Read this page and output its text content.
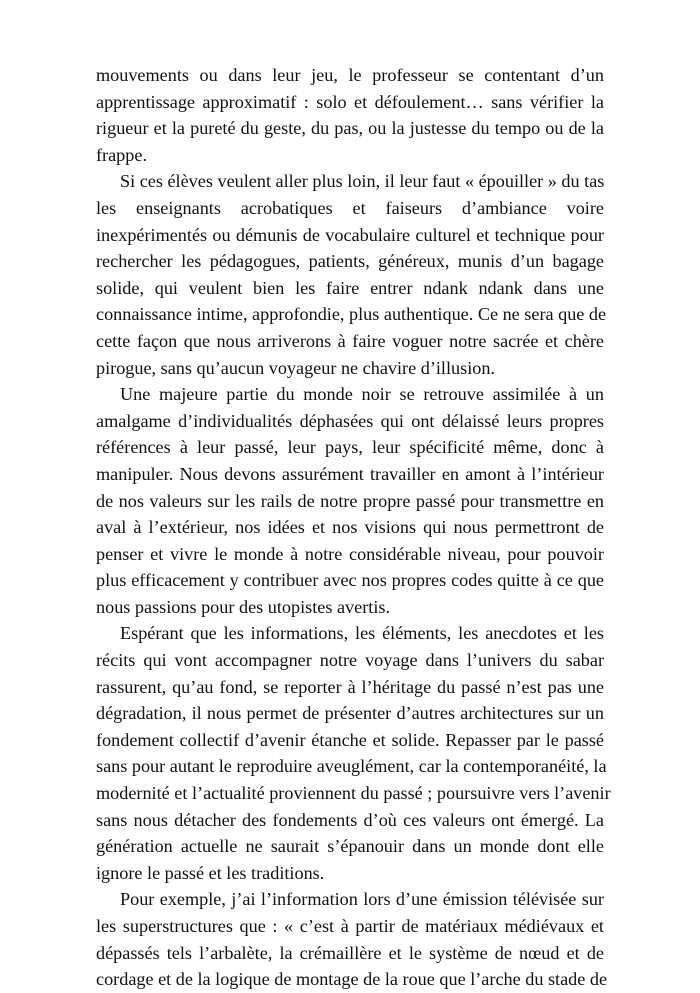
mouvements ou dans leur jeu, le professeur se contentant d’un
apprentissage approximatif : solo et défoulement… sans vérifier la
rigueur et la pureté du geste, du pas, ou la justesse du tempo ou de la
frappe.
Si ces élèves veulent aller plus loin, il leur faut « épouiller » du tas
les enseignants acrobatiques et faiseurs d’ambiance voire
inexpérimentés ou démunis de vocabulaire culturel et technique pour
rechercher les pédagogues, patients, généreux, munis d’un bagage
solide, qui veulent bien les faire entrer ndank ndank dans une
connaissance intime, approfondie, plus authentique. Ce ne sera que de
cette façon que nous arriverons à faire voguer notre sacrée et chère
pirogue, sans qu’aucun voyageur ne chavire d’illusion.
Une majeure partie du monde noir se retrouve assimilée à un
amalgame d’individualités déphasées qui ont délaissé leurs propres
références à leur passé, leur pays, leur spécificité même, donc à
manipuler. Nous devons assurément travailler en amont à l’intérieur
de nos valeurs sur les rails de notre propre passé pour transmettre en
aval à l’extérieur, nos idées et nos visions qui nous permettront de
penser et vivre le monde à notre considérable niveau, pour pouvoir
plus efficacement y contribuer avec nos propres codes quitte à ce que
nous passions pour des utopistes avertis.
Espérant que les informations, les éléments, les anecdotes et les
récits qui vont accompagner notre voyage dans l’univers du sabar
rassurent, qu’au fond, se reporter à l’héritage du passé n’est pas une
dégradation, il nous permet de présenter d’autres architectures sur un
fondement collectif d’avenir étanche et solide. Repasser par le passé
sans pour autant le reproduire aveuglément, car la contemporanéité, la
modernité et l’actualité proviennent du passé ; poursuivre vers l’avenir
sans nous détacher des fondements d’où ces valeurs ont émergé. La
génération actuelle ne saurait s’épanouir dans un monde dont elle
ignore le passé et les traditions.
Pour exemple, j’ai l’information lors d’une émission télévisée sur
les superstructures que : « c’est à partir de matériaux médiévaux et
dépassés tels l’arbalète, la crémaillère et le système de nœud et de
cordage et de la logique de montage de la roue que l’arche du stade de
